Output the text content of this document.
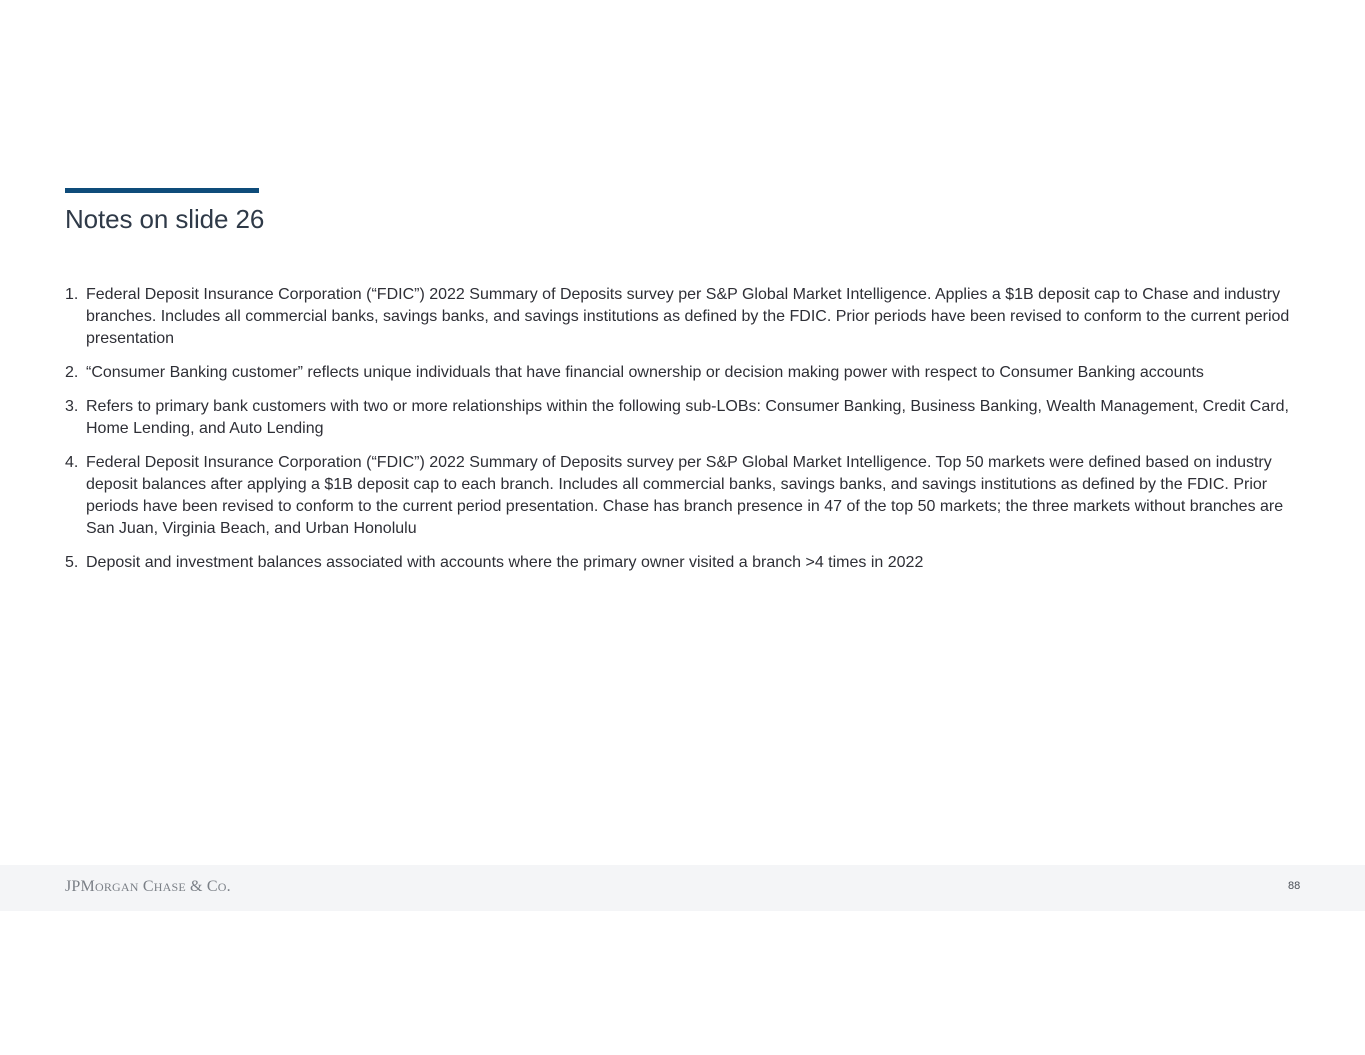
Notes on slide 26
1. Federal Deposit Insurance Corporation (“FDIC”) 2022 Summary of Deposits survey per S&P Global Market Intelligence. Applies a $1B deposit cap to Chase and industry branches. Includes all commercial banks, savings banks, and savings institutions as defined by the FDIC. Prior periods have been revised to conform to the current period presentation
2. “Consumer Banking customer” reflects unique individuals that have financial ownership or decision making power with respect to Consumer Banking accounts
3. Refers to primary bank customers with two or more relationships within the following sub-LOBs: Consumer Banking, Business Banking, Wealth Management, Credit Card, Home Lending, and Auto Lending
4. Federal Deposit Insurance Corporation (“FDIC”) 2022 Summary of Deposits survey per S&P Global Market Intelligence. Top 50 markets were defined based on industry deposit balances after applying a $1B deposit cap to each branch. Includes all commercial banks, savings banks, and savings institutions as defined by the FDIC. Prior periods have been revised to conform to the current period presentation. Chase has branch presence in 47 of the top 50 markets; the three markets without branches are San Juan, Virginia Beach, and Urban Honolulu
5. Deposit and investment balances associated with accounts where the primary owner visited a branch >4 times in 2022
JPMORGAN CHASE & CO.	88
